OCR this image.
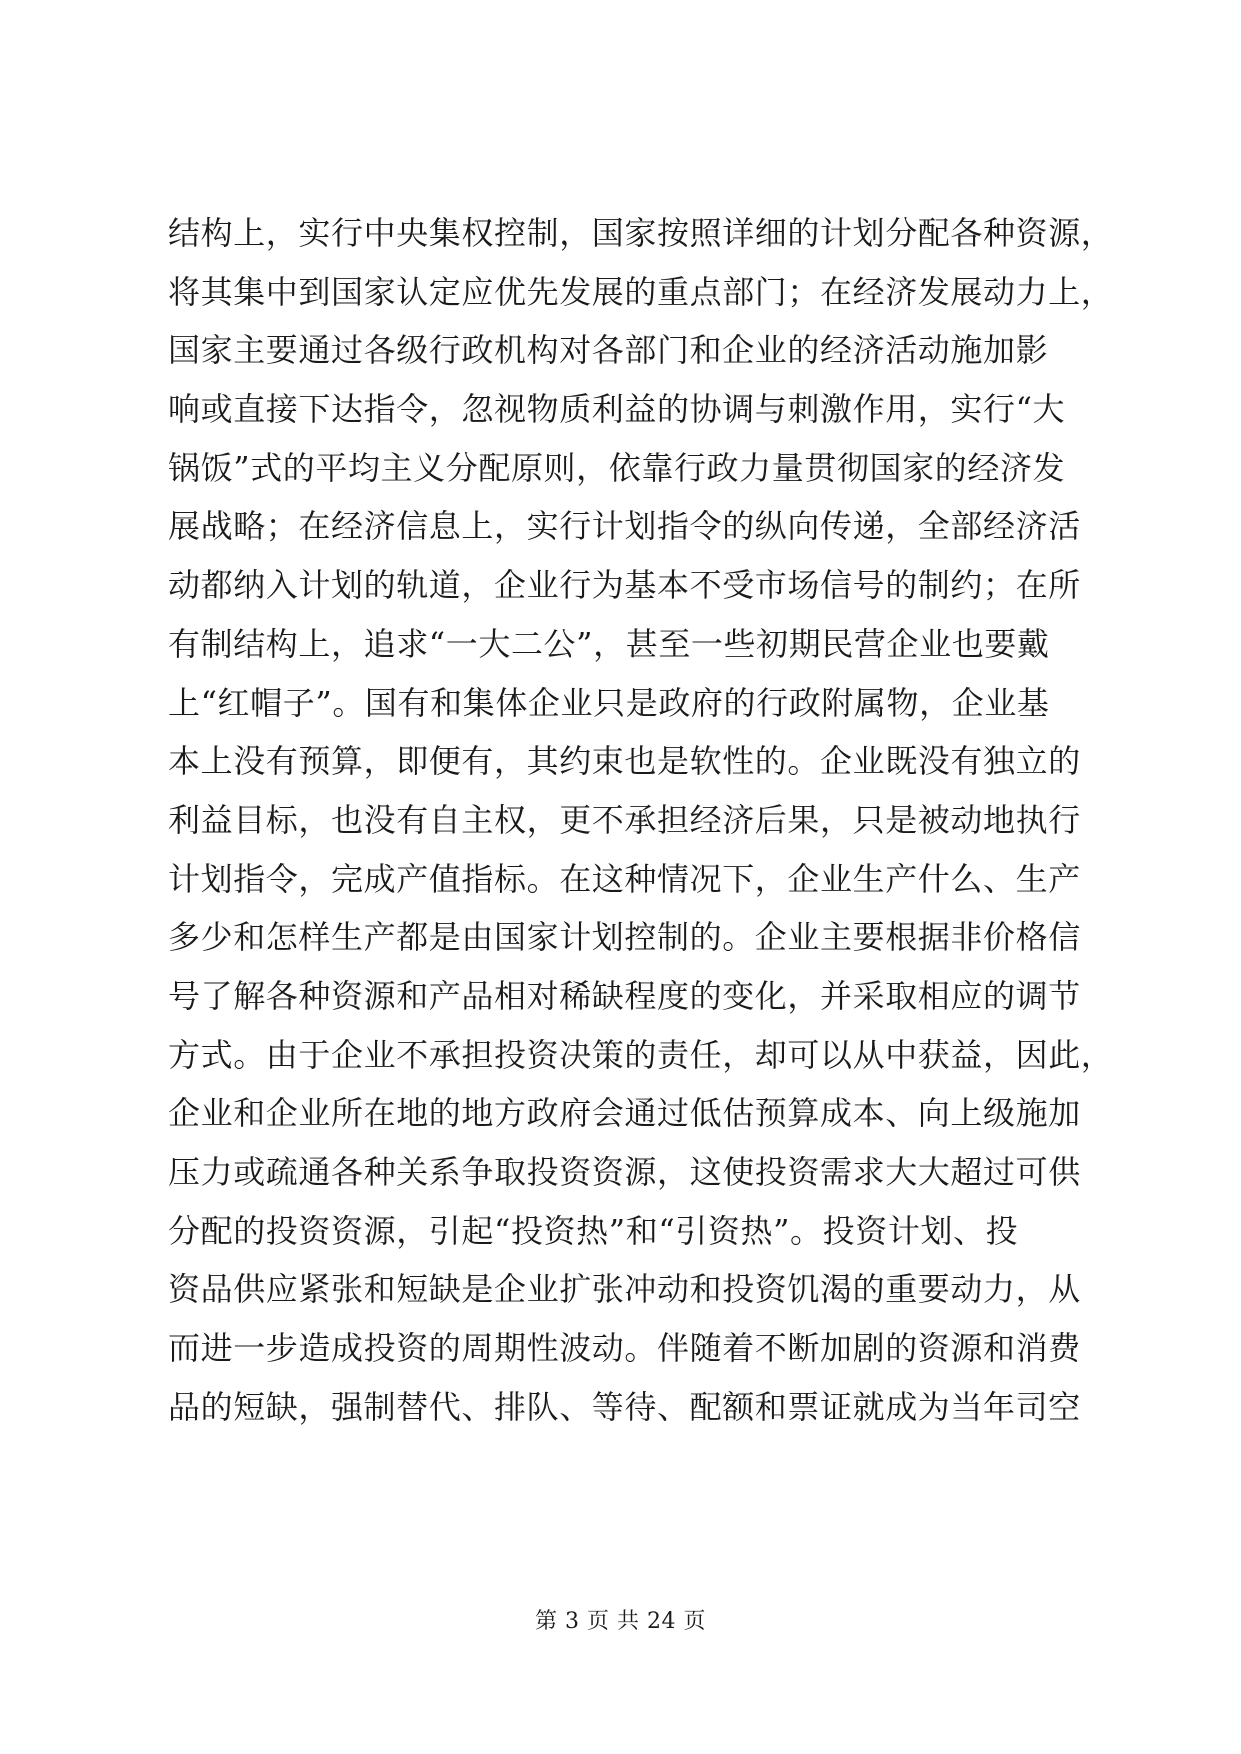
结构上，实行中央集权控制，国家按照详细的计划分配各种资源，
将其集中到国家认定应优先发展的重点部门；在经济发展动力上，
国家主要通过各级行政机构对各部门和企业的经济活动施加影
响或直接下达指令，忽视物质利益的协调与刺激作用，实行“大
锅饭”式的平均主义分配原则，依靠行政力量贯彻国家的经济发
展战略；在经济信息上，实行计划指令的纵向传递，全部经济活
动都纳入计划的轨道，企业行为基本不受市场信号的制约；在所
有制结构上，追求“一大二公”，甚至一些初期民营企业也要戴
上“红帽子”。国有和集体企业只是政府的行政附属物，企业基
本上没有预算，即便有，其约束也是软性的。企业既没有独立的
利益目标，也没有自主权，更不承担经济后果，只是被动地执行
计划指令，完成产值指标。在这种情况下，企业生产什么、生产
多少和怎样生产都是由国家计划控制的。企业主要根据非价格信
号了解各种资源和产品相对稀缺程度的变化，并采取相应的调节
方式。由于企业不承担投资决策的责任，却可以从中获益，因此，
企业和企业所在地的地方政府会通过低估预算成本、向上级施加
压力或疏通各种关系争取投资资源，这使投资需求大大超过可供
分配的投资资源，引起“投资热”和“引资热”。投资计划、投
资品供应紧张和短缺是企业扩张冲动和投资饥渴的重要动力，从
而进一步造成投资的周期性波动。伴随着不断加剧的资源和消费
品的短缺，强制替代、排队、等待、配额和票证就成为当年司空
第 3 页 共 24 页
